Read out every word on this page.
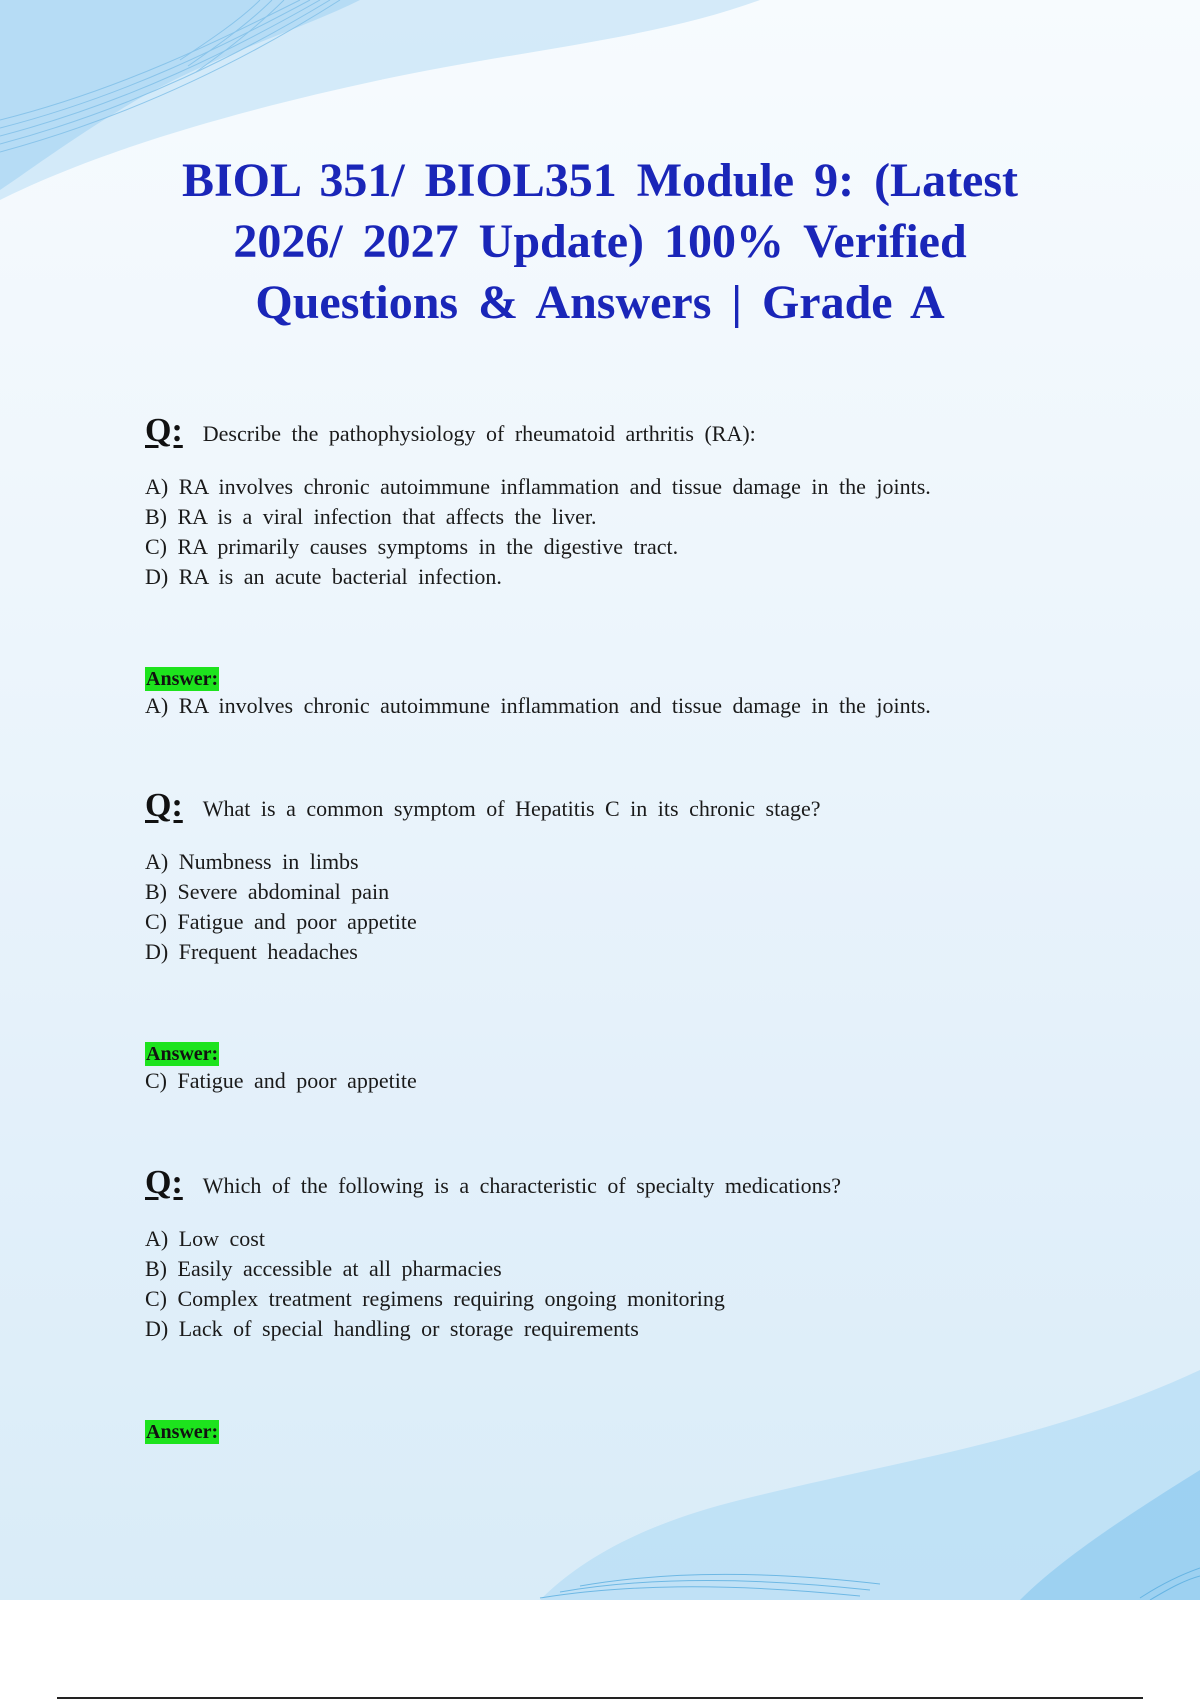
BIOL 351/ BIOL351 Module 9: (Latest
2026/ 2027 Update) 100% Verified
Questions & Answers | Grade A
Q: Describe the pathophysiology of rheumatoid arthritis (RA):
A) RA involves chronic autoimmune inflammation and tissue damage in the joints.
B) RA is a viral infection that affects the liver.
C) RA primarily causes symptoms in the digestive tract.
D) RA is an acute bacterial infection.
Answer:
A) RA involves chronic autoimmune inflammation and tissue damage in the joints.
Q: What is a common symptom of Hepatitis C in its chronic stage?
A) Numbness in limbs
B) Severe abdominal pain
C) Fatigue and poor appetite
D) Frequent headaches
Answer:
C) Fatigue and poor appetite
Q: Which of the following is a characteristic of specialty medications?
A) Low cost
B) Easily accessible at all pharmacies
C) Complex treatment regimens requiring ongoing monitoring
D) Lack of special handling or storage requirements
Answer:
